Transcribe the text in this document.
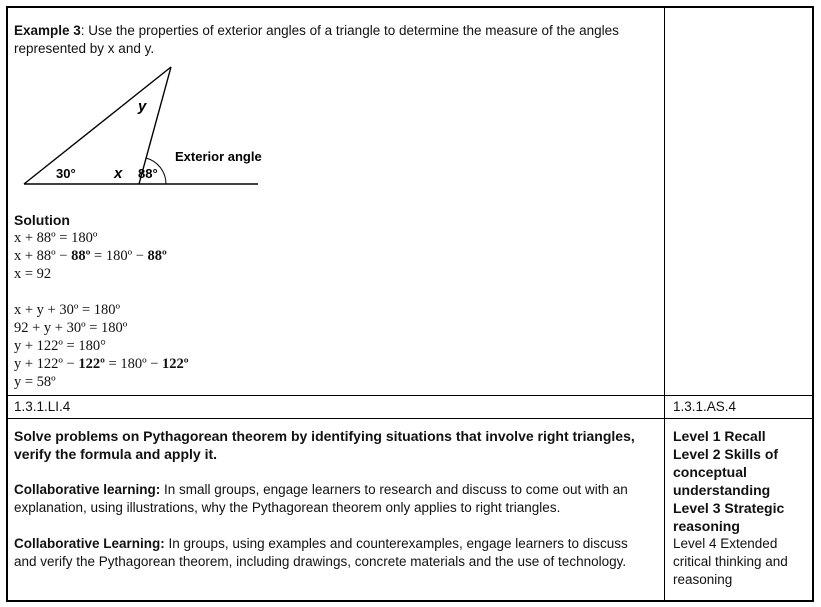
Example 3: Use the properties of exterior angles of a triangle to determine the measure of the angles represented by x and y.

y
x
30°	88°
Exterior angle
Solution
x + 88º = 180º
x + 88º − 88º = 180º − 88º
x = 92
x + y + 30º = 180º
92 + y + 30º = 180º
y + 122º = 180°
y + 122º − 122º = 180º − 122º
y = 58º
1.3.1.LI.4	1.3.1.AS.4

Solve problems on Pythagorean theorem by identifying situations that involve right triangles, verify the formula and apply it.

Collaborative learning: In small groups, engage learners to research and discuss to come out with an explanation, using illustrations, why the Pythagorean theorem only applies to right triangles.

Collaborative Learning: In groups, using examples and counterexamples, engage learners to discuss and verify the Pythagorean theorem, including drawings, concrete materials and the use of technology.

Level 1 Recall
Level 2 Skills of conceptual understanding
Level 3 Strategic reasoning
Level 4 Extended critical thinking and reasoning
